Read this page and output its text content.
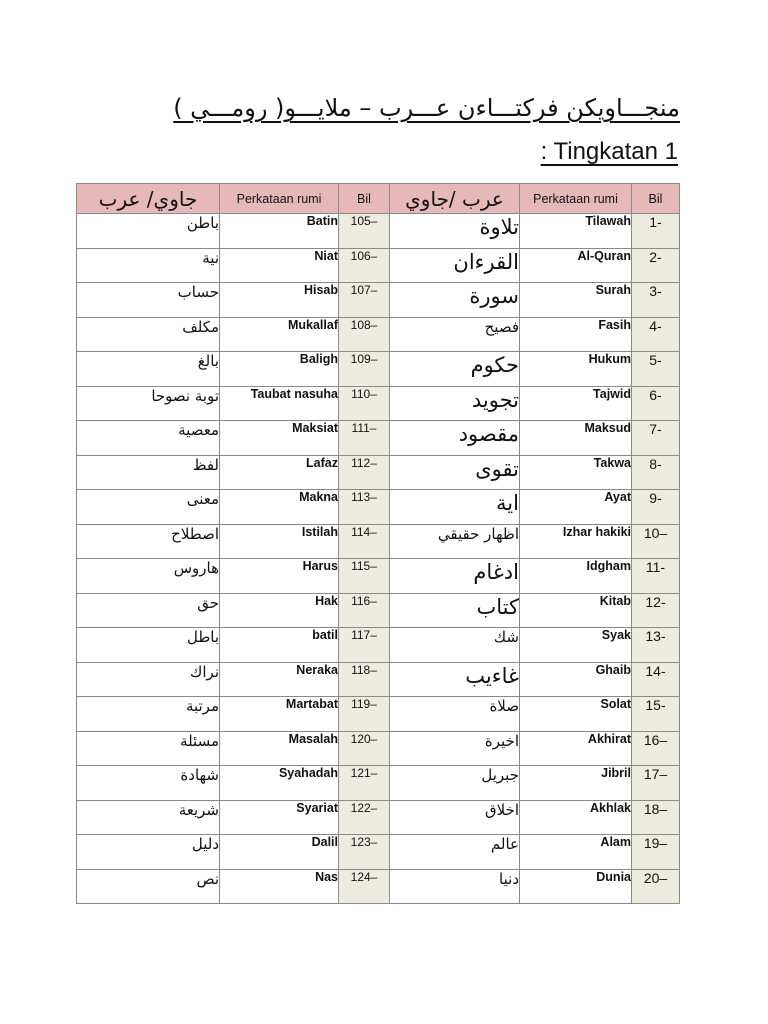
منجـــاويكن فركتـــاءن عـــرب – ملايـــو( رومـــي )
: Tingkatan 1
جاوي/ عرب	Perkataan rumi	Bil	عرب /جاوي	Perkataan rumi	Bil
باطن	Batin	105–	تلاوة	Tilawah	1-
نية	Niat	106–	القرءان	Al-Quran	2-
حساب	Hisab	107–	سورة	Surah	3-
مكلف	Mukallaf	108–	فصيح	Fasih	4-
بالغ	Baligh	109–	حكوم	Hukum	5-
توبة نصوحا	Taubat nasuha	110–	تجويد	Tajwid	6-
معصية	Maksiat	111–	مقصود	Maksud	7-
لفظ	Lafaz	112–	تقوى	Takwa	8-
معنى	Makna	113–	اية	Ayat	9-
اصطلاح	Istilah	114–	اظهار حقيقي	Izhar hakiki	10–
هاروس	Harus	115–	ادغام	Idgham	11-
حق	Hak	116–	كتاب	Kitab	12-
باطل	batil	117–	شك	Syak	13-
نراك	Neraka	118–	غاءيب	Ghaib	14-
مرتبة	Martabat	119–	صلاة	Solat	15-
مسئلة	Masalah	120–	اخيرة	Akhirat	16–
شهادة	Syahadah	121–	جبريل	Jibril	17–
شريعة	Syariat	122–	اخلاق	Akhlak	18–
دليل	Dalil	123–	عالم	Alam	19–
نص	Nas	124–	دنيا	Dunia	20–
